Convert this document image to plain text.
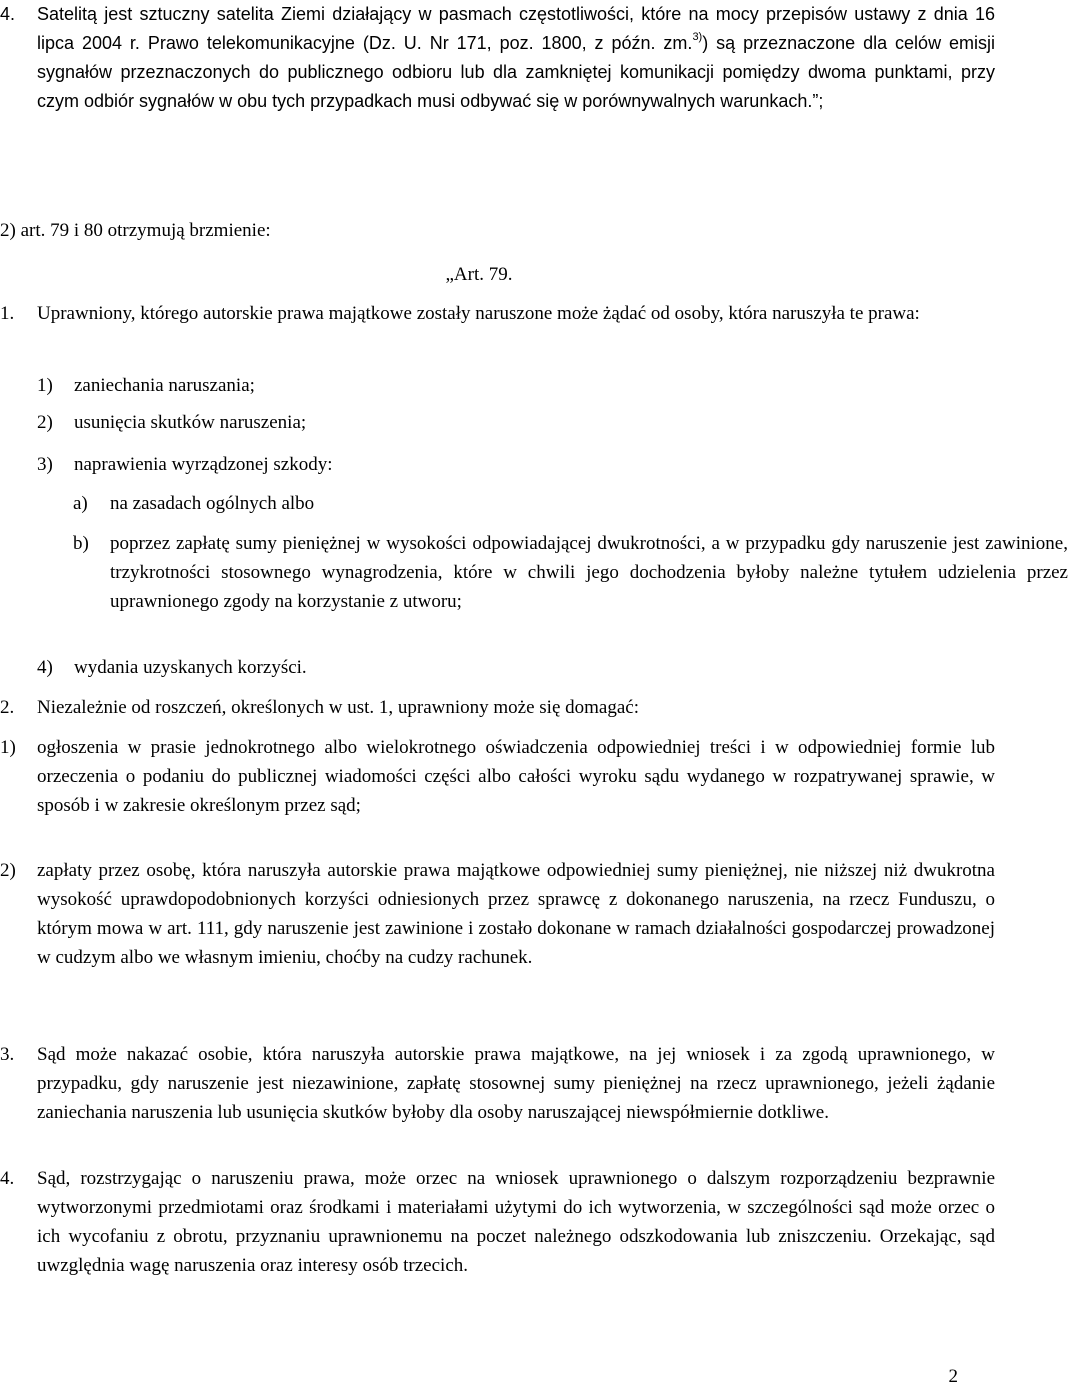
4. Satelitą jest sztuczny satelita Ziemi działający w pasmach częstotliwości, które na mocy przepisów ustawy z dnia 16 lipca 2004 r. Prawo telekomunikacyjne (Dz. U. Nr 171, poz. 1800, z późn. zm.$^{3)}$) są przeznaczone dla celów emisji sygnałów przeznaczonych do publicznego odbioru lub dla zamkniętej komunikacji pomiędzy dwoma punktami, przy czym odbiór sygnałów w obu tych przypadkach musi odbywać się w porównywalnych warunkach.”;
2) art. 79 i 80 otrzymują brzmienie:
„Art. 79.
1. Uprawniony, którego autorskie prawa majątkowe zostały naruszone może żądać od osoby, która naruszyła te prawa:
1) zaniechania naruszania;
2) usunięcia skutków naruszenia;
3) naprawienia wyrządzonej szkody:
a) na zasadach ogólnych albo
b) poprzez zapłatę sumy pieniężnej w wysokości odpowiadającej dwukrotności, a w przypadku gdy naruszenie jest zawinione, trzykrotności stosownego wynagrodzenia, które w chwili jego dochodzenia byłoby należne tytułem udzielenia przez uprawnionego zgody na korzystanie z utworu;
4) wydania uzyskanych korzyści.
2. Niezależnie od roszczeń, określonych w ust. 1, uprawniony może się domagać:
1) ogłoszenia w prasie jednokrotnego albo wielokrotnego oświadczenia odpowiedniej treści i w odpowiedniej formie lub orzeczenia o podaniu do publicznej wiadomości części albo całości wyroku sądu wydanego w rozpatrywanej sprawie, w sposób i w zakresie określonym przez sąd;
2) zapłaty przez osobę, która naruszyła autorskie prawa majątkowe odpowiedniej sumy pieniężnej, nie niższej niż dwukrotna wysokość uprawdopodobnionych korzyści odniesionych przez sprawcę z dokonanego naruszenia, na rzecz Funduszu, o którym mowa w art. 111, gdy naruszenie jest zawinione i zostało dokonane w ramach działalności gospodarczej prowadzonej w cudzym albo we własnym imieniu, choćby na cudzy rachunek.
3. Sąd może nakazać osobie, która naruszyła autorskie prawa majątkowe, na jej wniosek i za zgodą uprawnionego, w przypadku, gdy naruszenie jest niezawinione, zapłatę stosownej sumy pieniężnej na rzecz uprawnionego, jeżeli żądanie zaniechania naruszenia lub usunięcia skutków byłoby dla osoby naruszającej niewspółmiernie dotkliwe.
4. Sąd, rozstrzygając o naruszeniu prawa, może orzec na wniosek uprawnionego o dalszym rozporządzeniu bezprawnie wytworzonymi przedmiotami oraz środkami i materiałami użytymi do ich wytworzenia, w szczególności sąd może orzec o ich wycofaniu z obrotu, przyznaniu uprawnionemu na poczet należnego odszkodowania lub zniszczeniu. Orzekając, sąd uwzględnia wagę naruszenia oraz interesy osób trzecich.
2
